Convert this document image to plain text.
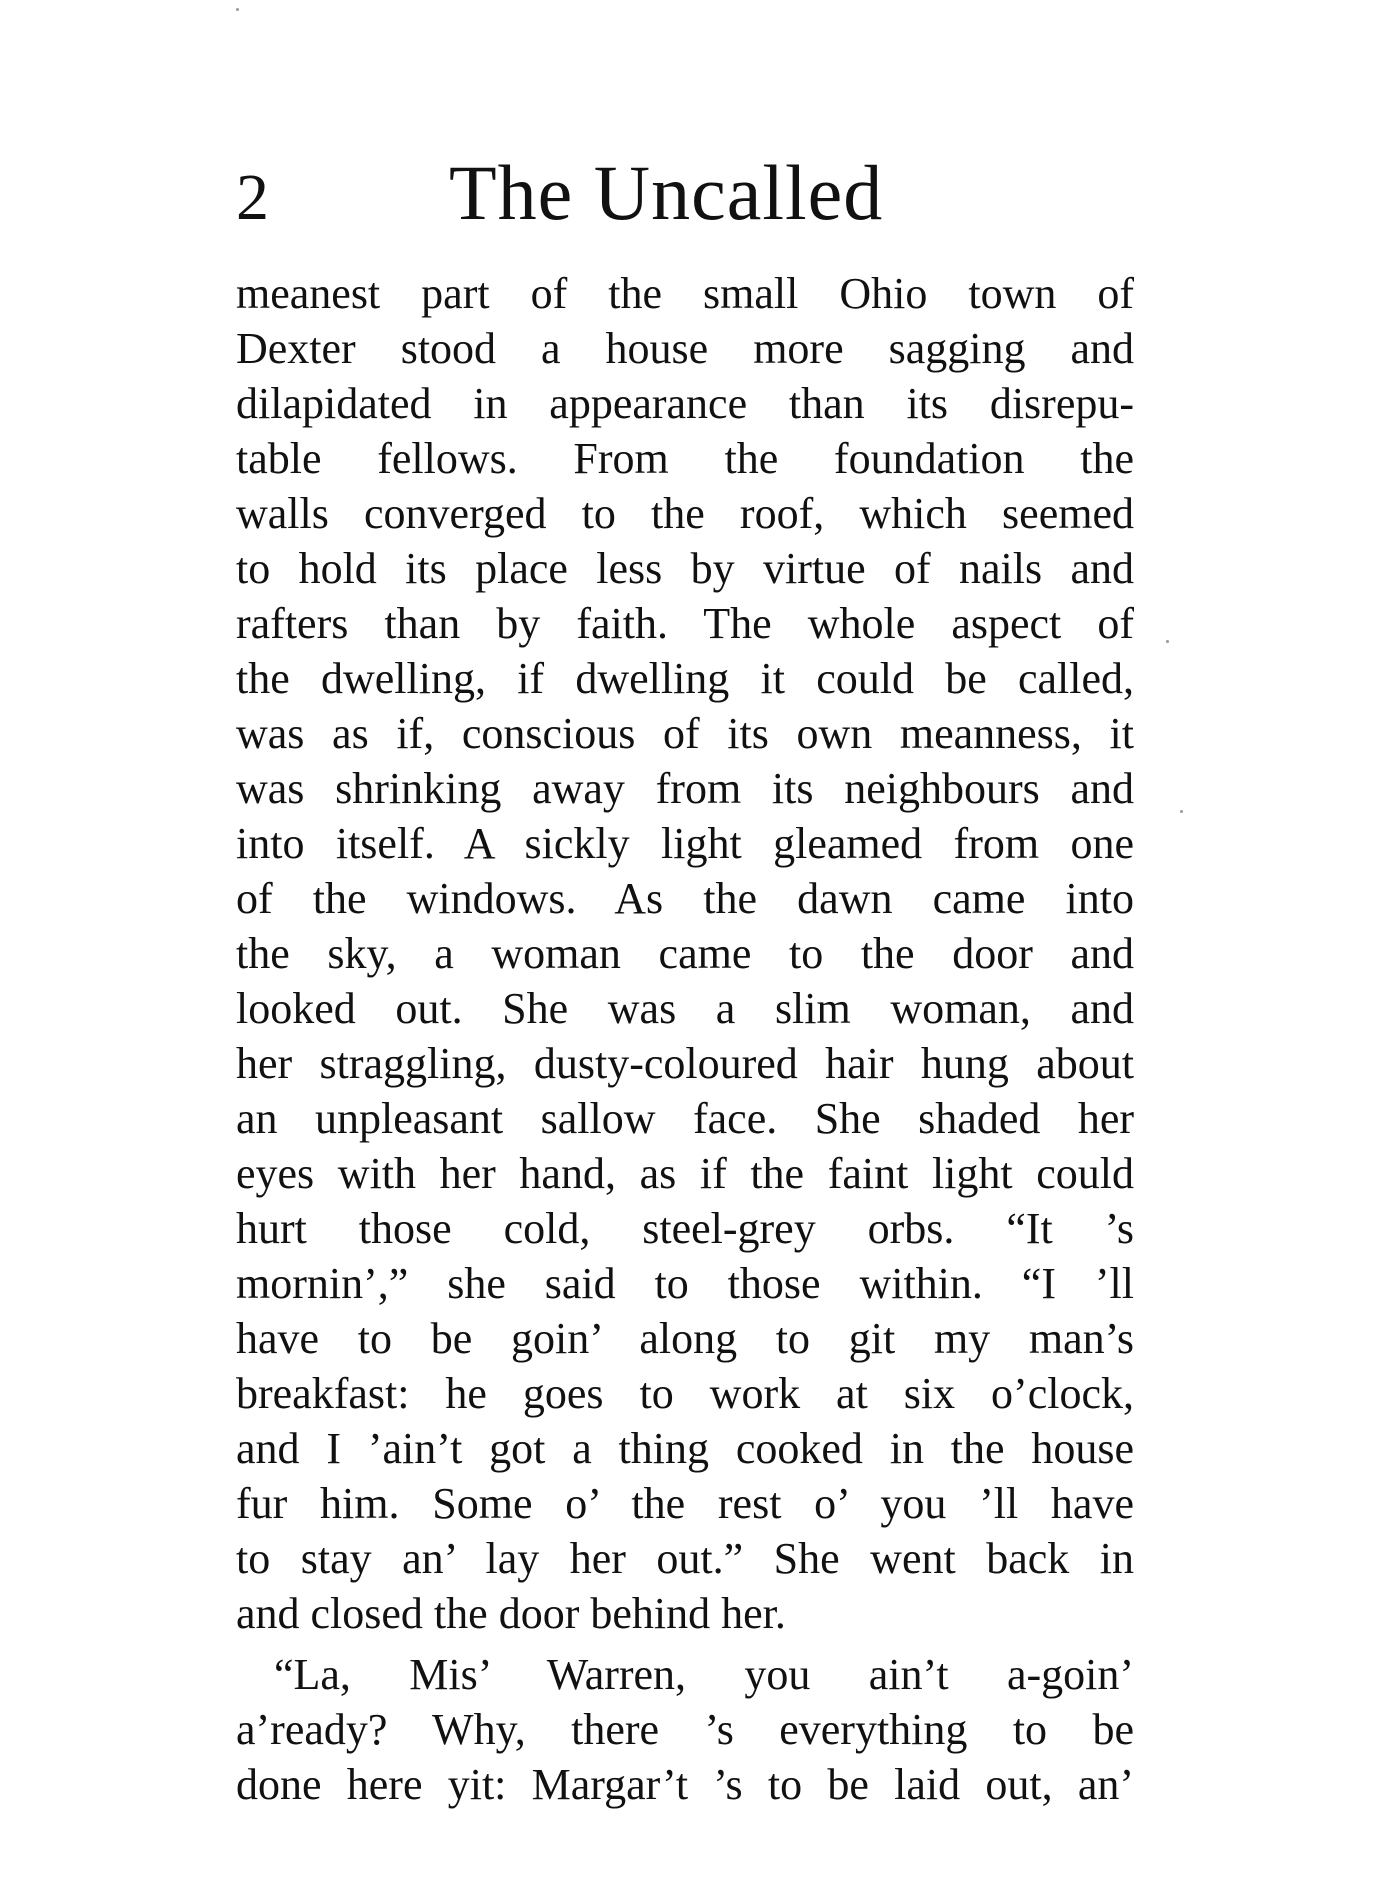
2 The Uncalled
meanest part of the small Ohio town of
Dexter stood a house more sagging and
dilapidated in appearance than its disrepu-
table fellows. From the foundation the
walls converged to the roof, which seemed
to hold its place less by virtue of nails and
rafters than by faith. The whole aspect of
the dwelling, if dwelling it could be called,
was as if, conscious of its own meanness, it
was shrinking away from its neighbours and
into itself. A sickly light gleamed from one
of the windows. As the dawn came into
the sky, a woman came to the door and
looked out. She was a slim woman, and
her straggling, dusty-coloured hair hung about
an unpleasant sallow face. She shaded her
eyes with her hand, as if the faint light could
hurt those cold, steel-grey orbs. “It ’s
mornin’,” she said to those within. “I ’ll
have to be goin’ along to git my man’s
breakfast: he goes to work at six o’clock,
and I ’ain’t got a thing cooked in the house
fur him. Some o’ the rest o’ you ’ll have
to stay an’ lay her out.” She went back in
and closed the door behind her.
“La, Mis’ Warren, you ain’t a-goin’
a’ready? Why, there ’s everything to be
done here yit: Margar’t ’s to be laid out, an’
